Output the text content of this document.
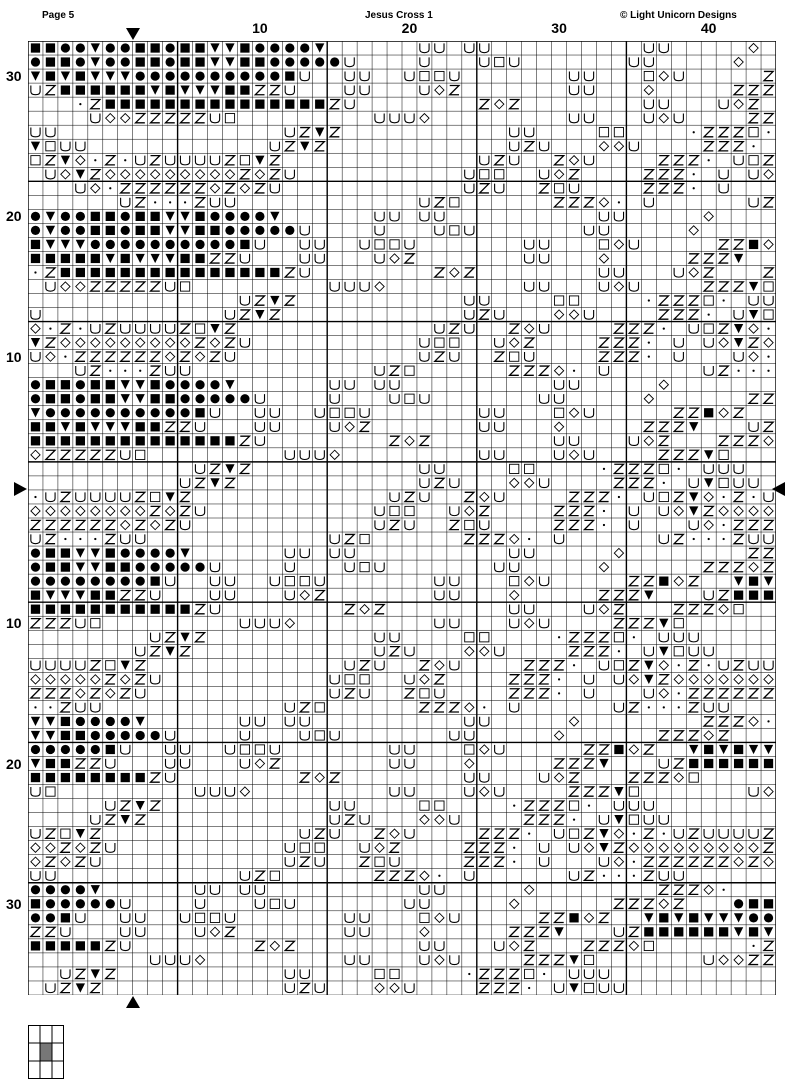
Page 5	Jesus Cross 1	© Light Unicorn Designs
10	20	30	40
30
20
10
10
20
30
